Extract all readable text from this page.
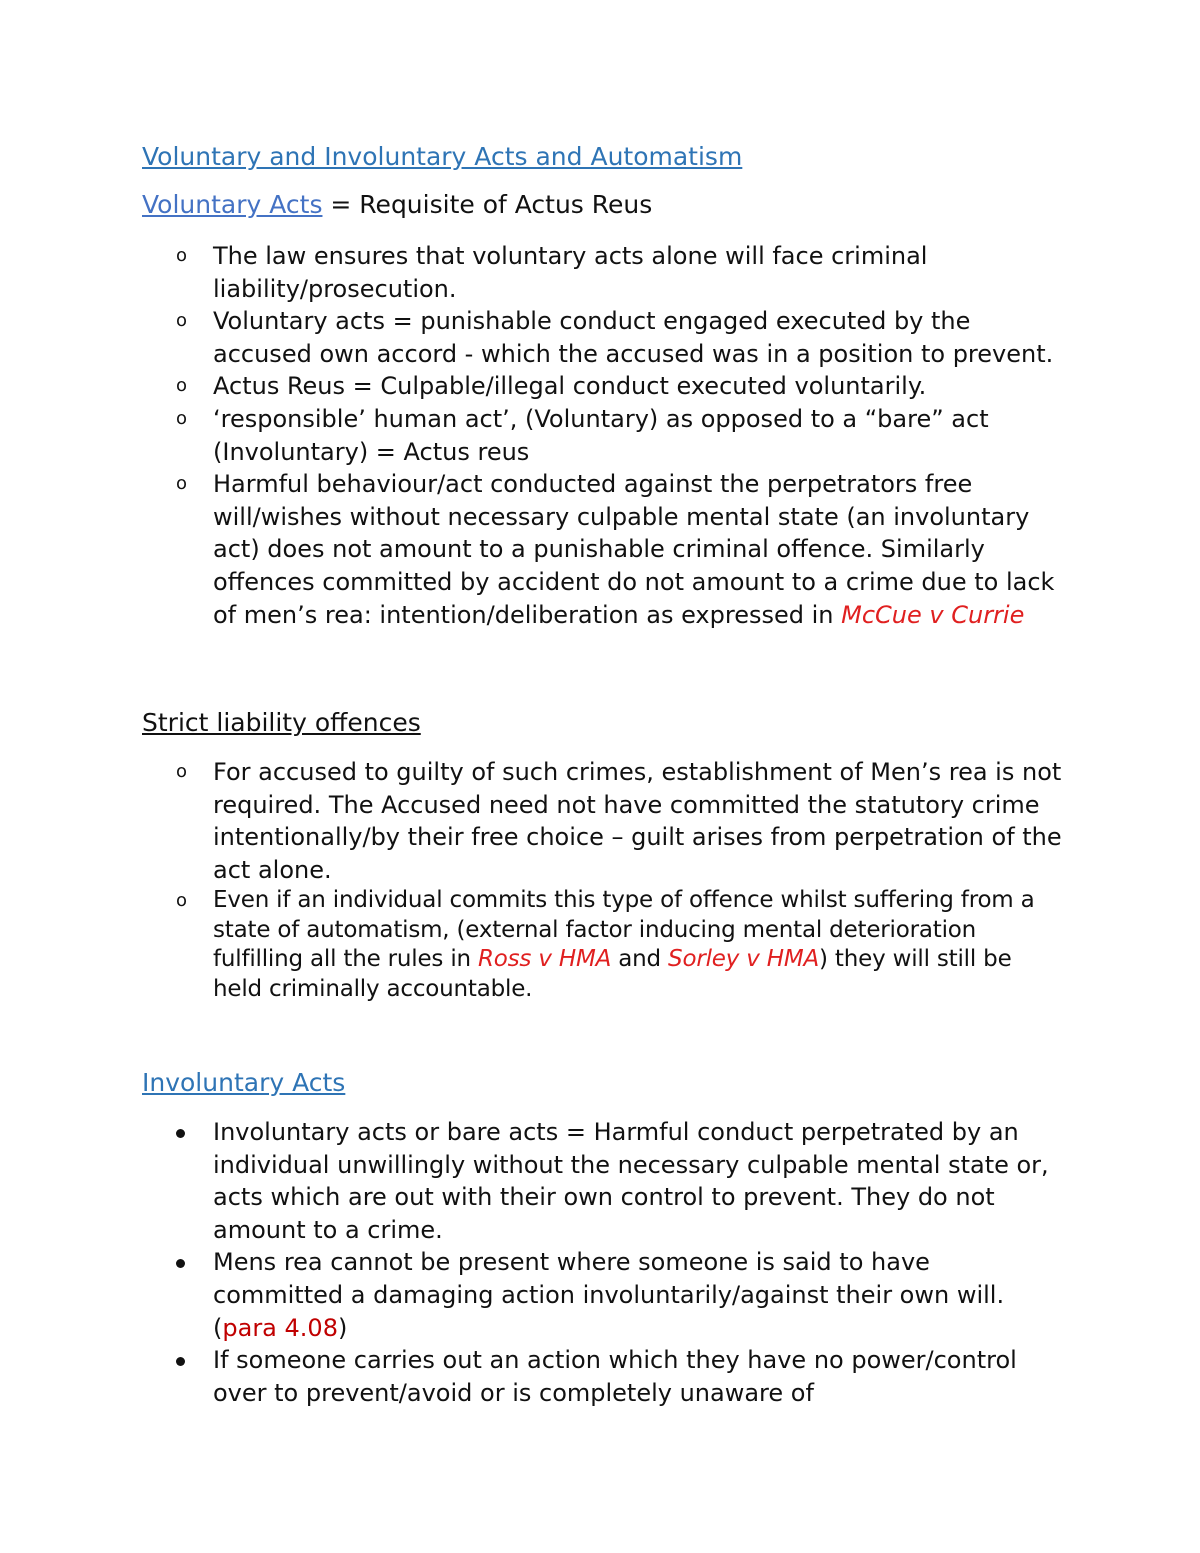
Voluntary and Involuntary Acts and Automatism
Voluntary Acts = Requisite of Actus Reus
o The law ensures that voluntary acts alone will face criminal liability/prosecution.
o Voluntary acts = punishable conduct engaged executed by the accused own accord - which the accused was in a position to prevent.
o Actus Reus = Culpable/illegal conduct executed voluntarily.
o ‘responsible’ human act’, (Voluntary) as opposed to a “bare” act (Involuntary) = Actus reus
o Harmful behaviour/act conducted against the perpetrators free will/wishes without necessary culpable mental state (an involuntary act) does not amount to a punishable criminal offence. Similarly offences committed by accident do not amount to a crime due to lack of men’s rea: intention/deliberation as expressed in McCue v Currie
Strict liability offences
o For accused to guilty of such crimes, establishment of Men’s rea is not required. The Accused need not have committed the statutory crime intentionally/by their free choice – guilt arises from perpetration of the act alone.
o Even if an individual commits this type of offence whilst suffering from a state of automatism, (external factor inducing mental deterioration fulfilling all the rules in Ross v HMA and Sorley v HMA) they will still be held criminally accountable.
Involuntary Acts
Involuntary acts or bare acts = Harmful conduct perpetrated by an individual unwillingly without the necessary culpable mental state or, acts which are out with their own control to prevent. They do not amount to a crime.
Mens rea cannot be present where someone is said to have committed a damaging action involuntarily/against their own will. (para 4.08)
If someone carries out an action which they have no power/control over to prevent/avoid or is completely unaware of
